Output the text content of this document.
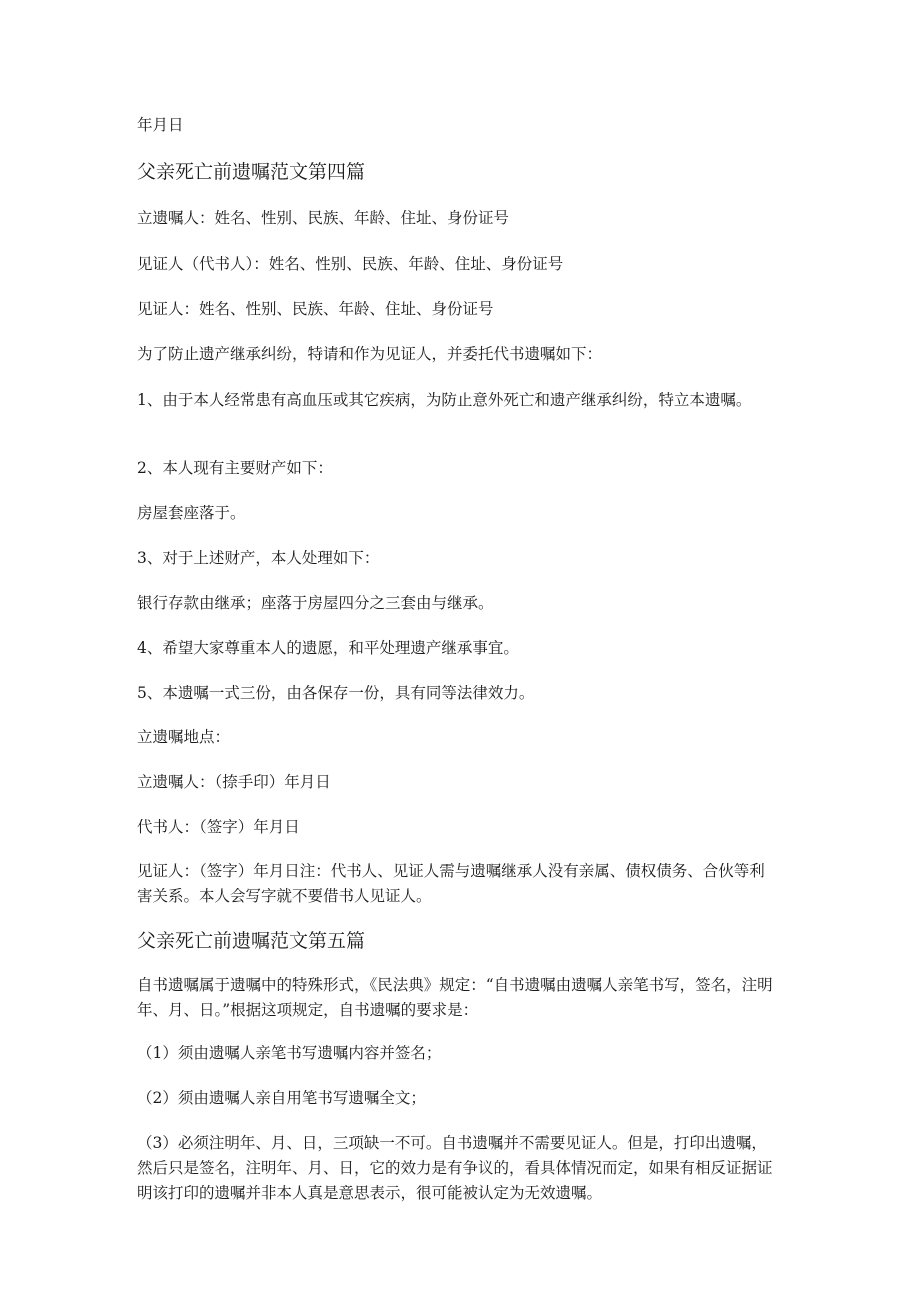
年月日
父亲死亡前遗嘱范文第四篇
立遗嘱人：姓名、性别、民族、年龄、住址、身份证号
见证人（代书人）：姓名、性别、民族、年龄、住址、身份证号
见证人：姓名、性别、民族、年龄、住址、身份证号
为了防止遗产继承纠纷，特请和作为见证人，并委托代书遗嘱如下：
1、由于本人经常患有高血压或其它疾病，为防止意外死亡和遗产继承纠纷，特立本遗嘱。
2、本人现有主要财产如下：
房屋套座落于。
3、对于上述财产，本人处理如下：
银行存款由继承；座落于房屋四分之三套由与继承。
4、希望大家尊重本人的遗愿，和平处理遗产继承事宜。
5、本遗嘱一式三份，由各保存一份，具有同等法律效力。
立遗嘱地点：
立遗嘱人：（捺手印）年月日
代书人：（签字）年月日
见证人：（签字）年月日注：代书人、见证人需与遗嘱继承人没有亲属、债权债务、合伙等利害关系。本人会写字就不要借书人见证人。
父亲死亡前遗嘱范文第五篇
自书遗嘱属于遗嘱中的特殊形式，《民法典》规定：“自书遗嘱由遗嘱人亲笔书写，签名，注明年、月、日。”根据这项规定，自书遗嘱的要求是：
（1）须由遗嘱人亲笔书写遗嘱内容并签名；
（2）须由遗嘱人亲自用笔书写遗嘱全文；
（3）必须注明年、月、日，三项缺一不可。自书遗嘱并不需要见证人。但是，打印出遗嘱，然后只是签名，注明年、月、日，它的效力是有争议的，看具体情况而定，如果有相反证据证明该打印的遗嘱并非本人真是意思表示，很可能被认定为无效遗嘱。
